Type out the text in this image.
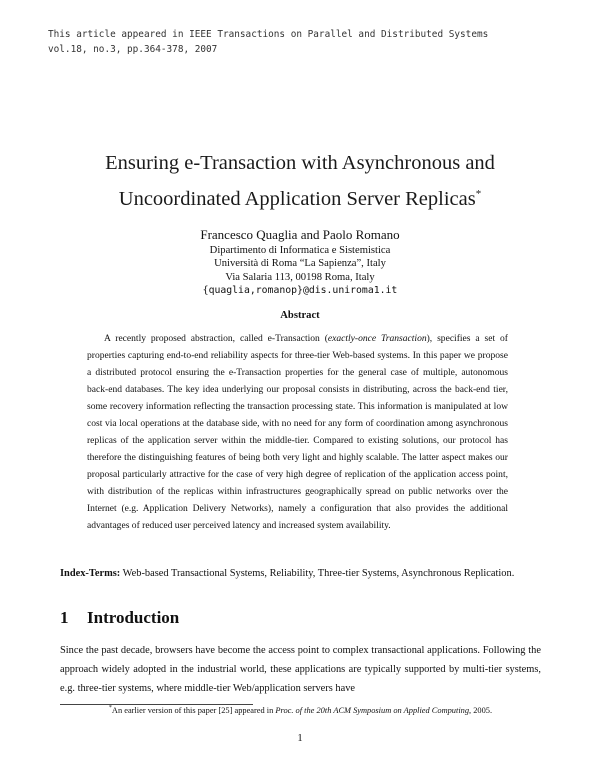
This article appeared in IEEE Transactions on Parallel and Distributed Systems
vol.18, no.3, pp.364-378, 2007
Ensuring e-Transaction with Asynchronous and
Uncoordinated Application Server Replicas*
Francesco Quaglia and Paolo Romano
Dipartimento di Informatica e Sistemistica
Università di Roma “La Sapienza”, Italy
Via Salaria 113, 00198 Roma, Italy
{quaglia,romanop}@dis.uniroma1.it
Abstract

A recently proposed abstraction, called e-Transaction (exactly-once Transaction), specifies a set of properties capturing end-to-end reliability aspects for three-tier Web-based systems. In this paper we propose a distributed protocol ensuring the e-Transaction properties for the general case of multiple, autonomous back-end databases. The key idea underlying our proposal consists in distributing, across the back-end tier, some recovery information reflecting the transaction processing state. This information is manipulated at low cost via local operations at the database side, with no need for any form of coordination among asynchronous replicas of the application server within the middle-tier. Compared to existing solutions, our protocol has therefore the distinguishing features of being both very light and highly scalable. The latter aspect makes our proposal particularly attractive for the case of very high degree of replication of the application access point, with distribution of the replicas within infrastructures geographically spread on public networks over the Internet (e.g. Application Delivery Networks), namely a configuration that also provides the additional advantages of reduced user perceived latency and increased system availability.

Index-Terms: Web-based Transactional Systems, Reliability, Three-tier Systems, Asynchronous Replication.
1 Introduction

Since the past decade, browsers have become the access point to complex transactional applications. Following the approach widely adopted in the industrial world, these applications are typically supported by multi-tier systems, e.g. three-tier systems, where middle-tier Web/application servers have

*An earlier version of this paper [25] appeared in Proc. of the 20th ACM Symposium on Applied Computing, 2005.
1
